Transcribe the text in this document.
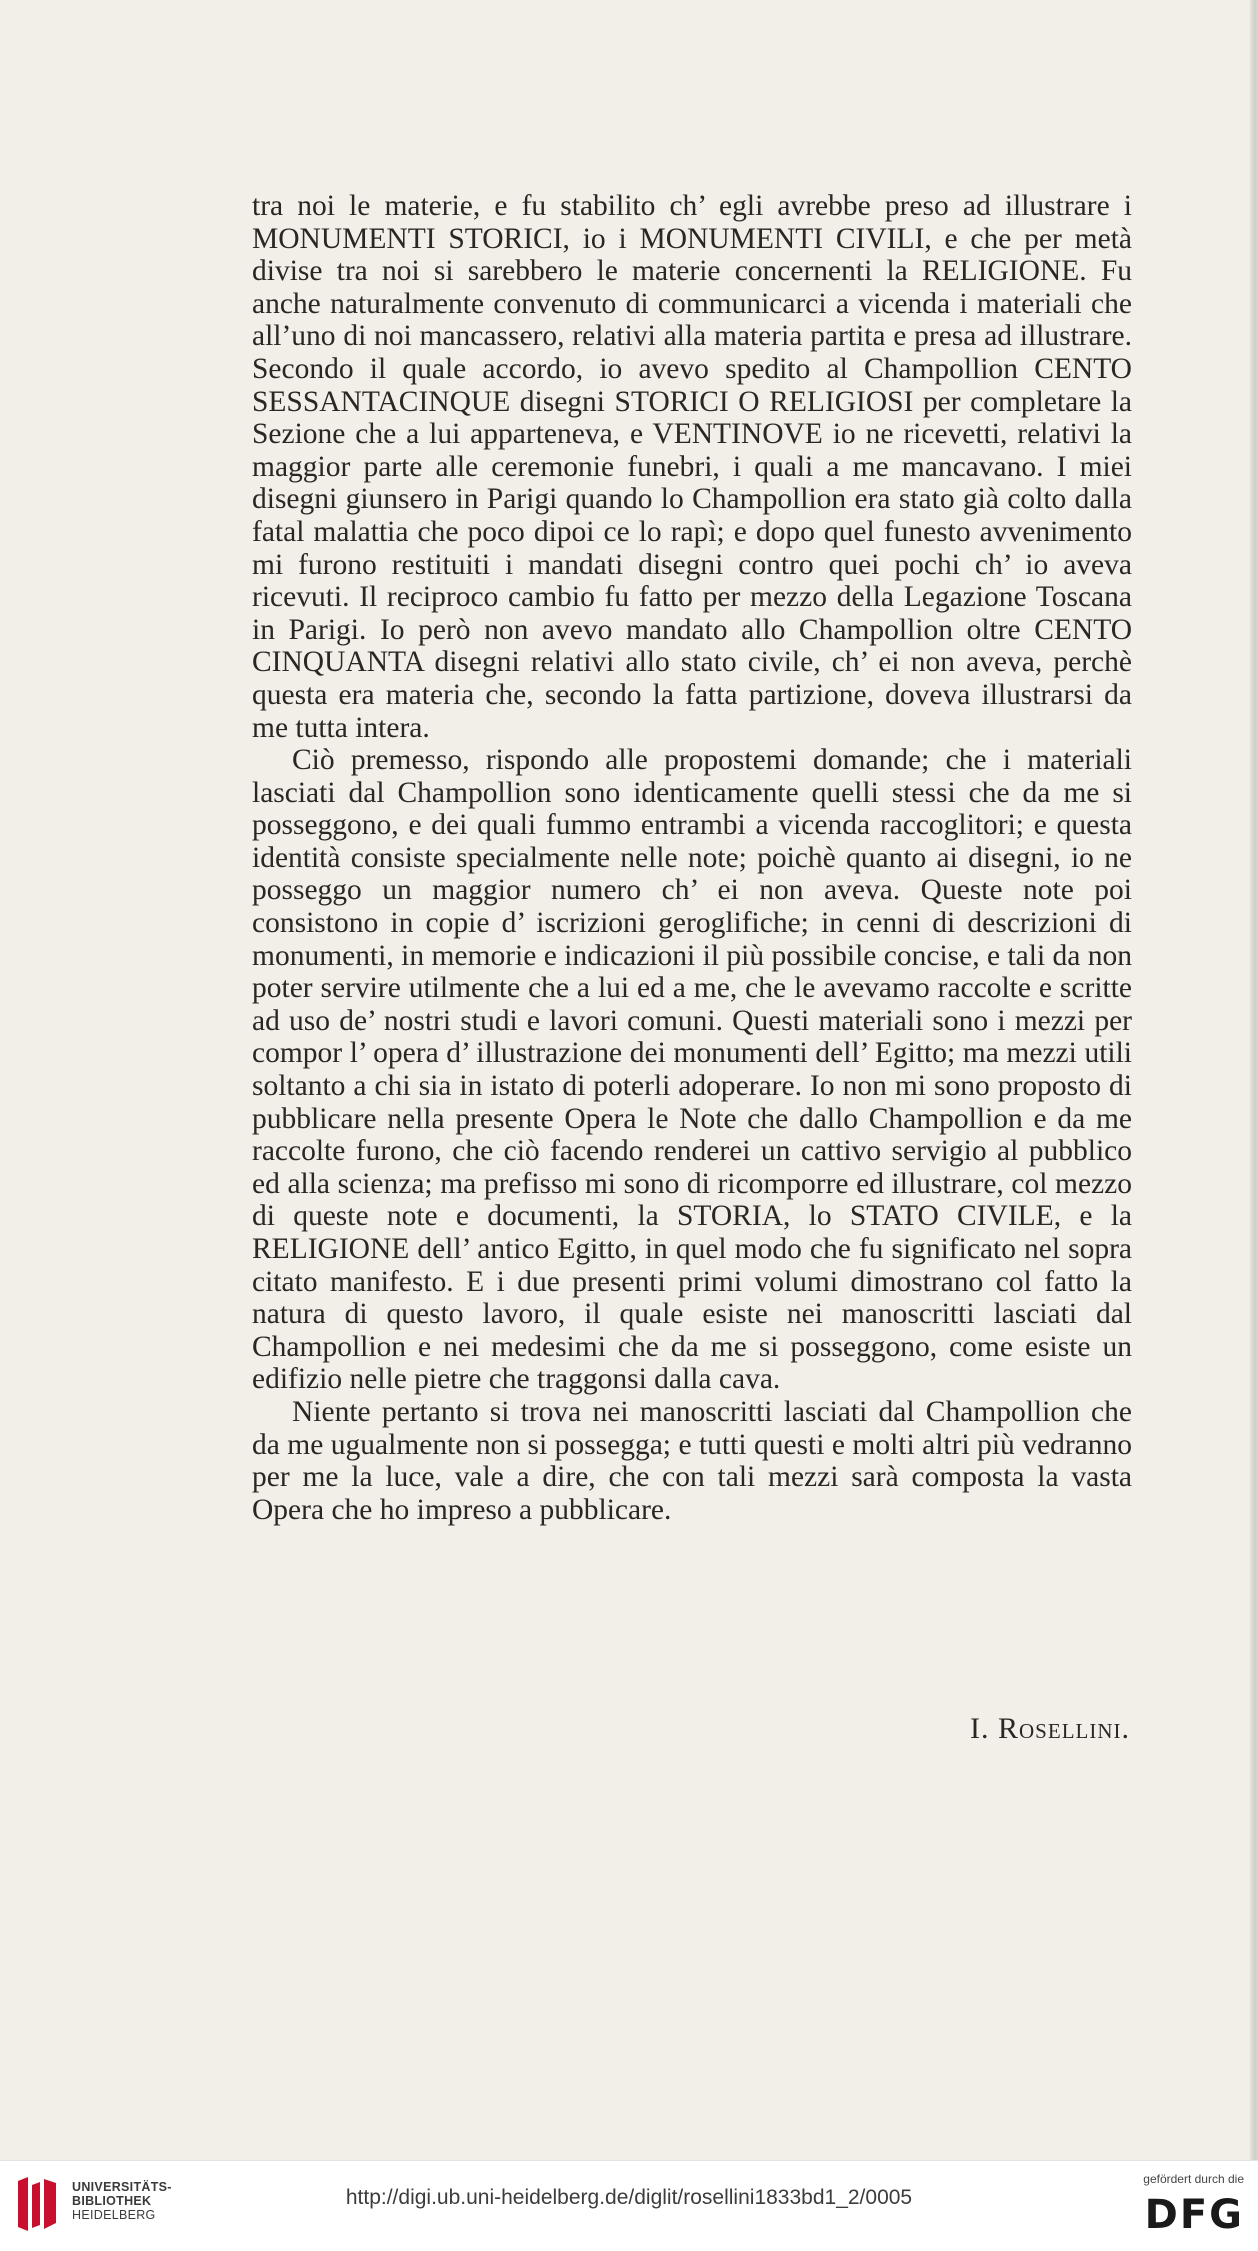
tra noi le materie, e fu stabilito ch’ egli avrebbe preso ad illustrare i MONUMENTI STORICI, io i MONUMENTI CIVILI, e che per metà divise tra noi si sarebbero le materie concernenti la RELIGIONE. Fu anche naturalmente convenuto di communicarci a vicenda i materiali che all’uno di noi mancassero, relativi alla materia partita e presa ad illustrare. Secondo il quale accordo, io avevo spedito al Champollion CENTO SESSANTACINQUE disegni STORICI O RELIGIOSI per completare la Sezione che a lui apparteneva, e VENTINOVE io ne ricevetti, relativi la maggior parte alle ceremonie funebri, i quali a me mancavano. I miei disegni giunsero in Parigi quando lo Champollion era stato già colto dalla fatal malattia che poco dipoi ce lo rapì; e dopo quel funesto avvenimento mi furono restituiti i mandati disegni contro quei pochi ch’ io aveva ricevuti. Il reciproco cambio fu fatto per mezzo della Legazione Toscana in Parigi. Io però non avevo mandato allo Champollion oltre CENTO CINQUANTA disegni relativi allo stato civile, ch’ ei non aveva, perchè questa era materia che, secondo la fatta partizione, doveva illustrarsi da me tutta intera.

Ciò premesso, rispondo alle propostemi domande; che i materiali lasciati dal Champollion sono identicamente quelli stessi che da me si posseggono, e dei quali fummo entrambi a vicenda raccoglitori; e questa identità consiste specialmente nelle note; poichè quanto ai disegni, io ne posseggo un maggior numero ch’ ei non aveva. Queste note poi consistono in copie d’ iscrizioni geroglifiche; in cenni di descrizioni di monumenti, in memorie e indicazioni il più possibile concise, e tali da non poter servire utilmente che a lui ed a me, che le avevamo raccolte e scritte ad uso de’ nostri studi e lavori comuni. Questi materiali sono i mezzi per compor l’ opera d’ illustrazione dei monumenti dell’ Egitto; ma mezzi utili soltanto a chi sia in istato di poterli adoperare. Io non mi sono proposto di pubblicare nella presente Opera le Note che dallo Champollion e da me raccolte furono, che ciò facendo renderei un cattivo servigio al pubblico ed alla scienza; ma prefisso mi sono di ricomporre ed illustrare, col mezzo di queste note e documenti, la STORIA, lo STATO CIVILE, e la RELIGIONE dell’ antico Egitto, in quel modo che fu significato nel sopra citato manifesto. E i due presenti primi volumi dimostrano col fatto la natura di questo lavoro, il quale esiste nei manoscritti lasciati dal Champollion e nei medesimi che da me si posseggono, come esiste un edifizio nelle pietre che traggonsi dalla cava.

Niente pertanto si trova nei manoscritti lasciati dal Champollion che da me ugualmente non si possegga; e tutti questi e molti altri più vedranno per me la luce, vale a dire, che con tali mezzi sarà composta la vasta Opera che ho impreso a pubblicare.

I. Rosellini.
UNIVERSITÄTS-
BIBLIOTHEK
HEIDELBERG
http://digi.ub.uni-heidelberg.de/diglit/rosellini1833bd1_2/0005
gefördert durch die
DFG
